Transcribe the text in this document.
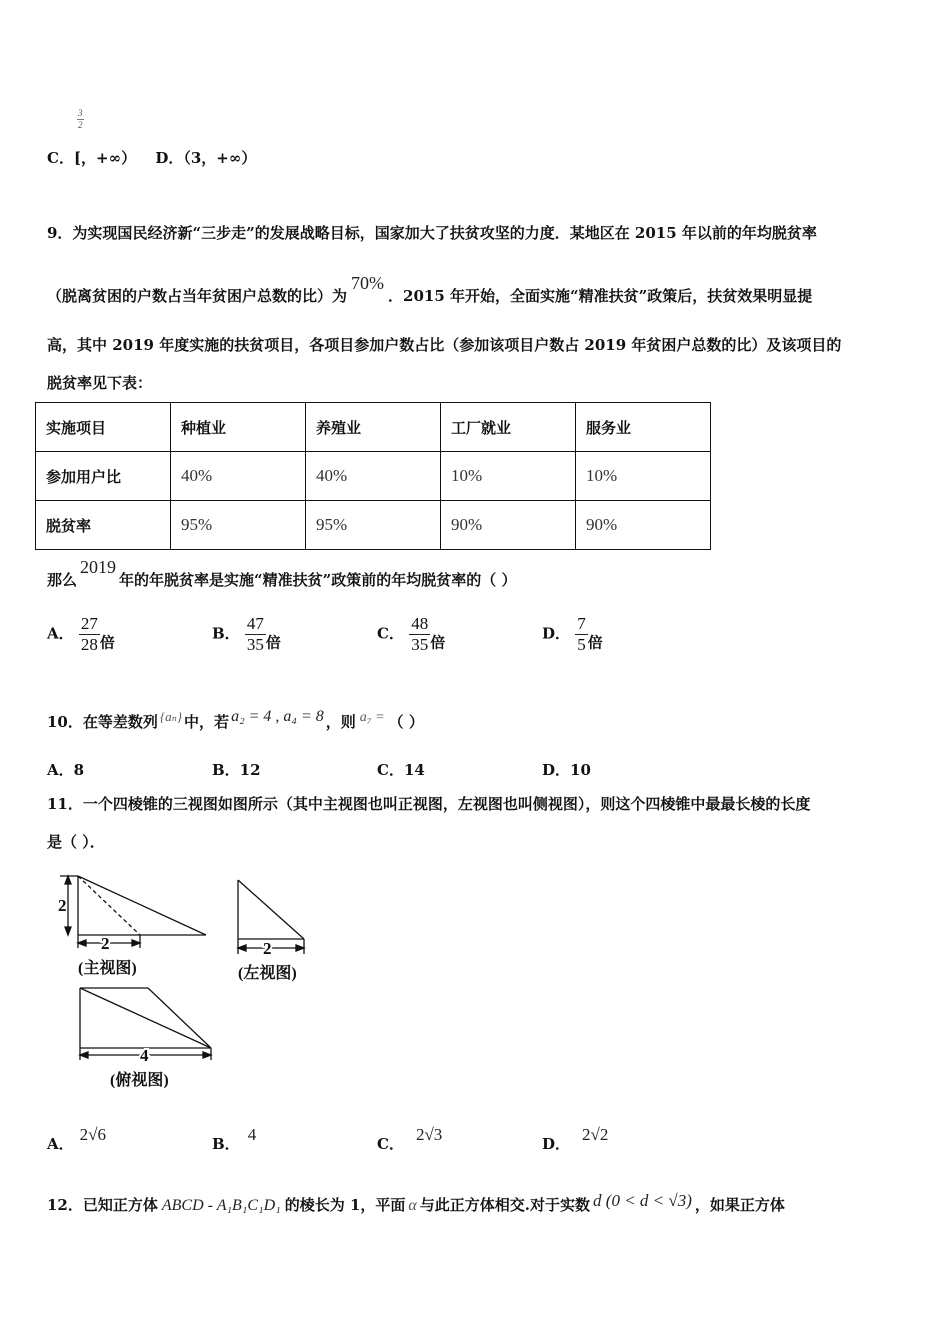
$\frac{3}{2}$
C．[，+∞） D．（3，+∞）
9．为实现国民经济新“三步走”的发展战略目标，国家加大了扶贫攻坚的力度．某地区在 2015 年以前的年均脱贫率
（脱离贫困的户数占当年贫困户总数的比）为70%．2015 年开始，全面实施“精准扶贫”政策后，扶贫效果明显提
高，其中 2019 年度实施的扶贫项目，各项目参加户数占比（参加该项目户数占 2019 年贫困户总数的比）及该项目的
脱贫率见下表：
实施项目	种植业	养殖业	工厂就业	服务业
参加用户比	40%	40%	10%	10%
脱贫率	95%	95%	90%	90%
那么2019年的年脱贫率是实施“精准扶贫”政策前的年均脱贫率的（ ）
A． $\frac{27}{28}$ 倍	B． $\frac{47}{35}$ 倍	C． $\frac{48}{35}$ 倍	D． $\frac{7}{5}$ 倍
10．在等差数列 {aₙ} 中，若 a₂ = 4 , a₄ = 8 ，则 a₇ = （ ）
A．8	B．12	C．14	D．10
11．一个四棱锥的三视图如图所示（其中主视图也叫正视图，左视图也叫侧视图），则这个四棱锥中最最长棱的长度
是（ ）．
2
2
(主视图)
2
(左视图)
4
(俯视图)
A． 2√6	B． 4	C． 2√3	D． 2√2
12．已知正方体 ABCD - A₁B₁C₁D₁ 的棱长为 1，平面 α 与此正方体相交.对于实数 d (0 < d < √3) ，如果正方体
